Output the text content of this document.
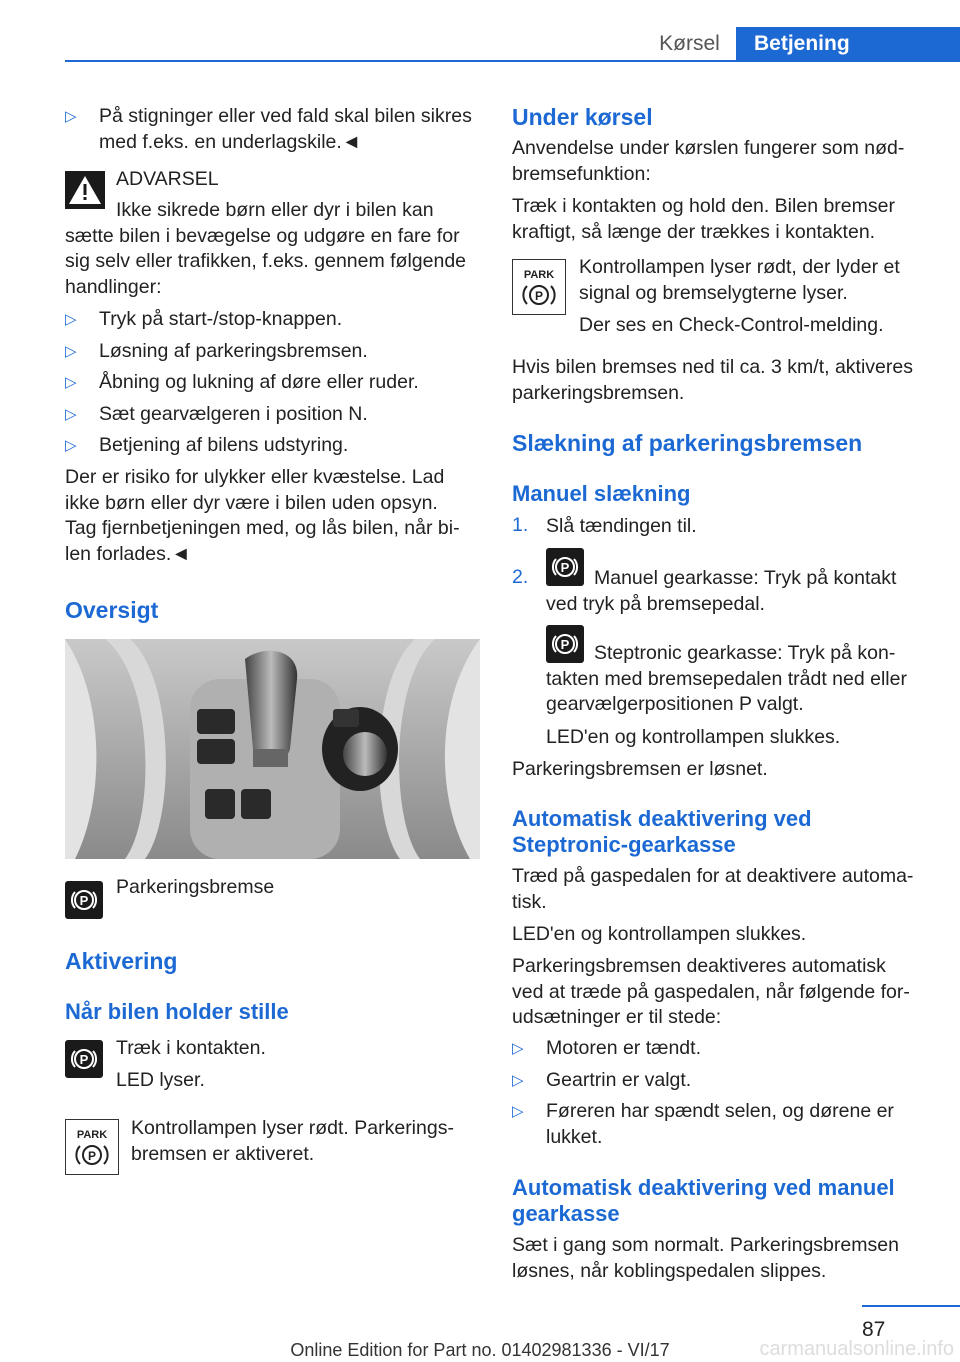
Kørsel	Betjening
▷ På stigninger eller ved fald skal bilen sikres med f.eks. en underlagskile.◄

ADVARSEL

Ikke sikrede børn eller dyr i bilen kan sætte bilen i bevægelse og udgøre en fare for sig selv eller trafikken, f.eks. gennem følgende handlinger:

▷ Tryk på start-/stop-knappen.
▷ Løsning af parkeringsbremsen.
▷ Åbning og lukning af døre eller ruder.
▷ Sæt gearvælgeren i position N.
▷ Betjening af bilens udstyring.

Der er risiko for ulykker eller kvæstelse. Lad ikke børn eller dyr være i bilen uden opsyn. Tag fjernbetjeningen med, og lås bilen, når bi-len forlades.◄

Oversigt
P

Parkeringsbremse

Aktivering
Når bilen holder stille
P

Træk i kontakten.

LED lyser.

PARK
P

Kontrollampen lyser rødt. Parkerings-bremsen er aktiveret.

Under kørsel

Anvendelse under kørslen fungerer som nød-bremsefunktion:

Træk i kontakten og hold den. Bilen bremser kraftigt, så længe der trækkes i kontakten.

PARK
P

Kontrollampen lyser rødt, der lyder et signal og bremselygterne lyser.

Der ses en Check-Control-melding.

Hvis bilen bremses ned til ca. 3 km/t, aktiveres parkeringsbremsen.

Slækning af parkeringsbremsen
Manuel slækning
1. Slå tændingen til.

2. P	Manuel gearkasse: Tryk på kontakt ved tryk på bremsepedal.

P	Steptronic gearkasse: Tryk på kon-takten med bremsepedalen trådt ned eller gearvælgerpositionen P valgt.

LED'en og kontrollampen slukkes.

Parkeringsbremsen er løsnet.

Automatisk deaktivering ved Steptronic-gearkasse

Træd på gaspedalen for at deaktivere automa-tisk.

LED'en og kontrollampen slukkes.

Parkeringsbremsen deaktiveres automatisk ved at træde på gaspedalen, når følgende for-udsætninger er til stede:

▷ Motoren er tændt.
▷ Geartrin er valgt.
▷ Føreren har spændt selen, og dørene er lukket.
Automatisk deaktivering ved manuel gearkasse

Sæt i gang som normalt. Parkeringsbremsen løsnes, når koblingspedalen slippes.

87
Online Edition for Part no. 01402981336 - VI/17	carmanualsonline.info
